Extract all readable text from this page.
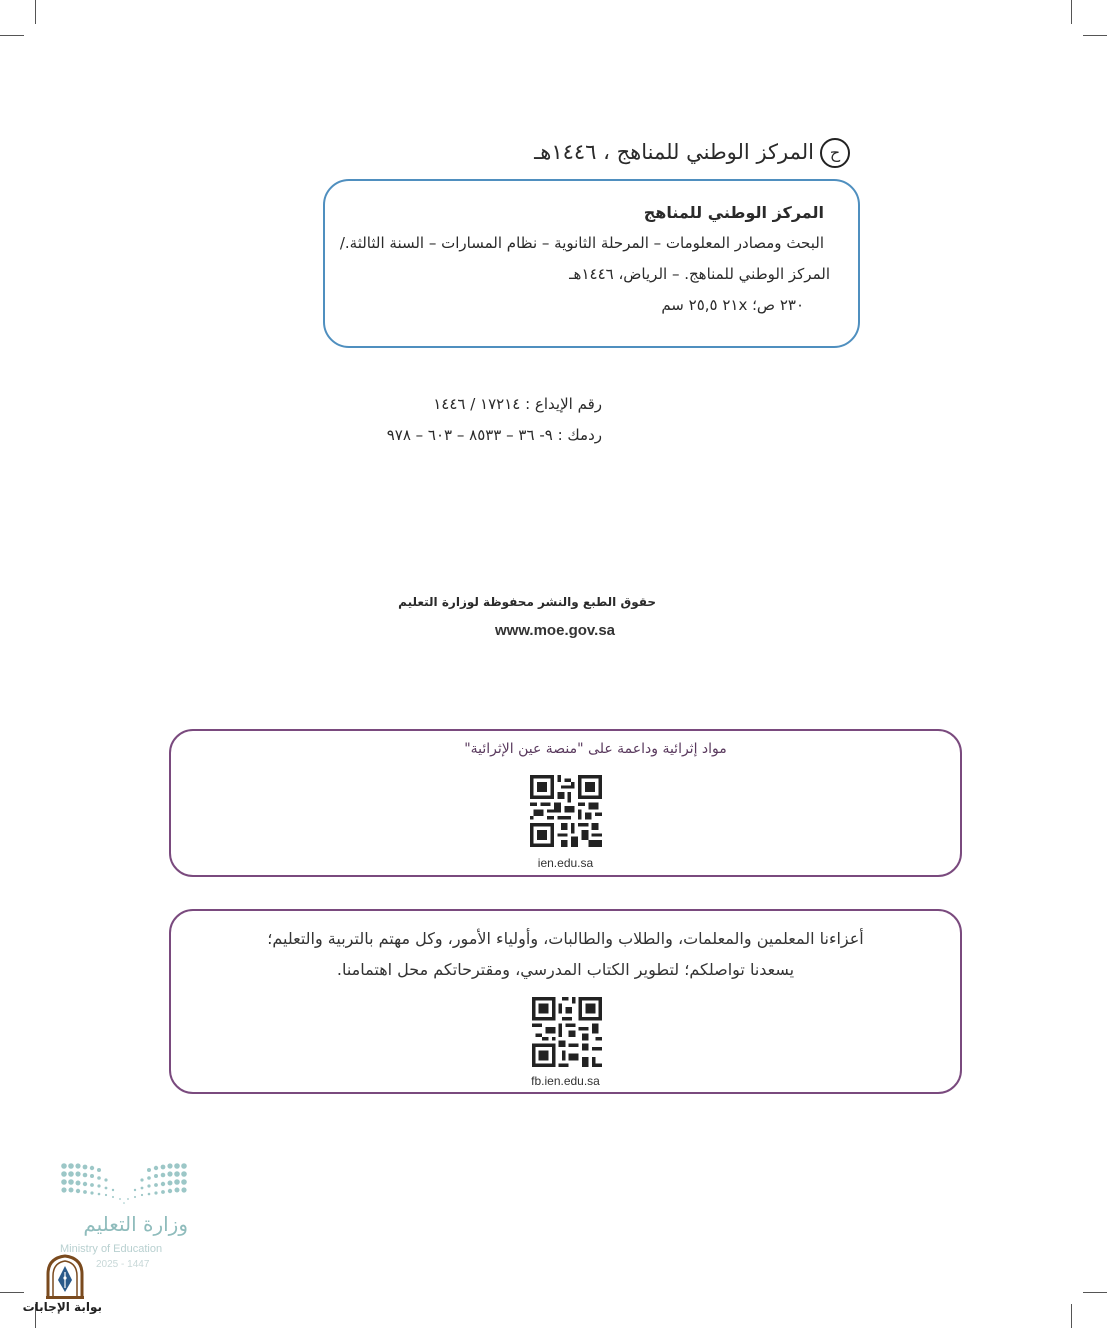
حالمركز الوطني للمناهج ، ١٤٤٦هـ
المركز الوطني للمناهج
البحث ومصادر المعلومات – المرحلة الثانوية – نظام المسارات – السنة الثالثة./
المركز الوطني للمناهج. – الرياض، ١٤٤٦هـ
٢٣٠ ص؛ ٢١x ٢٥,٥ سم
رقم الإيداع : ١٧٢١٤ / ١٤٤٦
ردمك : ٩- ٣٦ – ٨٥٣٣ – ٦٠٣ – ٩٧٨
حقوق الطبع والنشر محفوظة لوزارة التعليم
www.moe.gov.sa
مواد إثرائية وداعمة على "منصة عين الإثرائية"
ien.edu.sa
أعزاءنا المعلمين والمعلمات، والطلاب والطالبات، وأولياء الأمور، وكل مهتم بالتربية والتعليم؛
يسعدنا تواصلكم؛ لتطوير الكتاب المدرسي، ومقترحاتكم محل اهتمامنا.
fb.ien.edu.sa
وزارة التعليم
Ministry of Education
2025 - 1447
بوابة الإجابات
